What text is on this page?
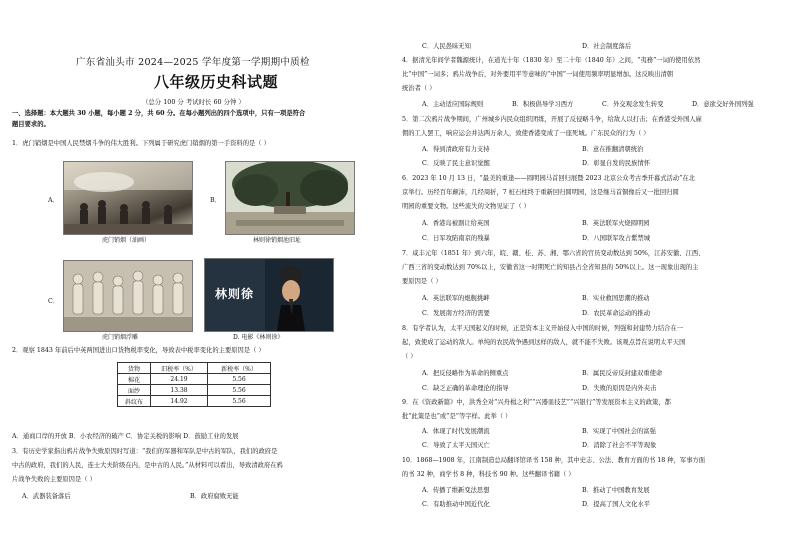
广东省汕头市 2024—2025 学年度第一学期期中质检
八年级历史科试题
（总分 100 分 考试时长 60 分钟 ）
一、选择题：本大题共 30 小题，每小题 2 分，共 60 分。在每小题列出的四个选项中，只有一项是符合
题目要求的。
1．虎门销烟是中国人民禁烟斗争的伟大胜利。下列属于研究虎门销烟的第一手资料的是（ ）
A．
虎门销烟（油画）
B．
林则徐销烟池旧址
C．
虎门销烟浮雕
林则徐
D. 电影《林则徐》
2．观察 1843 年前后中英两国进出口货物税率变化，导致表中税率变化的主要原因是（ ）
货物	旧税率（%）	新税率（%）
棉花	24.19	5.56
面纱	13.38	5.56
斜纹布	14.92	5.56
A．通商口岸的开放 B．小农经济的破产 C．协定关税的影响 D．鼓励工业的发展
3．有历史学家指出鸦片战争失败原因时写道：“我们的军器和军队是中古的军队，我们的政府是
中古的政府，我们的人民，连士大夫阶级在内，是中古的人民。”从材料可以看出，导致清政府在鸦
片战争失败的主要原因是（ ）
A．武器装备落后	B．政府腐败无能
C．人民愚昧无知	D．社会制度落后
4．据清光年间学者魏源统计，在道光十年（1830 年）至二十年（1840 年）之间，“夷務”一词的使用依然
比“中国”一词多；鸦片战争后，对外要用平等意味的“中国”一词使用频率明显增加。这反映出清朝
统治者（ ）
A．主动适应国际规则	B．积极倡导学习西方	C．外交观念发生转变	D．意欲交好外国列强
5．第二次鸦片战争期间，广州城乡内民众组织团练，开展了反侵略斗争，给敌人以打击；在香港受外国人雇
佣的工人罢工，响应运会并达两万余人，致使香港变成了一座死城。广东民众的行为（ ）
A．得到清政府有力支持	B．意在推翻清朝统治
C．反映了民主意识觉醒	D．彰显自发的民族情怀
6．2023 年 10 月 13 日，“最美的重逢——圆明园马首回归展暨 2023 北京公众考古季开幕式活动”在北
京举行。历经百年颠沛，几经周折，7 桩石柱终于重新回归圆明园，这是继马首铜像后又一批回归圆
明园的重要文物。这些流失的文物见证了（ ）
A．香港岛被割让给英国	B．英法联军火烧圆明园
C．日军攻陷南京的残暴	D．八国联军攻占紫禁城
7．咸丰元年（1851 年）到六年，皖、赣、桂、苏、湘、鄂六省的官员变动数达到 50%，江苏安徽、江西、
广西三省的变动数达到 70%以上，安徽省这一时期死亡的知县占全省知县的 50%以上。这一现象出现的主
要原因是（ ）
A．英法联军的炮舰挑衅	B．实业救国思潮的推动
C．发展南方经济的需要	D．农民革命运动的推动
8．有学者认为，太平天国起义的时候，正是资本主义开始侵入中国的时候，列强和封建势力结合在一
起，致使成了运动的敌人。单纯的农民战争遇到这样的敌人，就不能不失败。该观点旨在说明太平天国
（ ）
A．把反侵略作为革命的侧重点	B．属民反帝反封建双重使命
C．缺乏正确的革命理论的指导	D．失败的原因是内外夹击
9．在《资政新篇》中，洪秀全对“兴舟楫之利”“兴器皿技艺”“兴银行”等发展资本主义的政策，都
批“此策是也”或“是”等字样。此举（ ）
A．体现了时代发展潮流	B．实现了中国社会的富强
C．导致了太平天国灭亡	D．消除了社会不平等现象
10．1868—1908 年，江南制造总局翻译馆译书 158 种，其中史志、公法、教育方面的书 18 种，军事方面
的书 32 种，商学书 8 种，科技书 90 种。这些翻译书籍（ ）
A．传播了维新变法思想	B．推动了中国教育发展
C．有助推动中国近代化	D．提高了国人文化水平
